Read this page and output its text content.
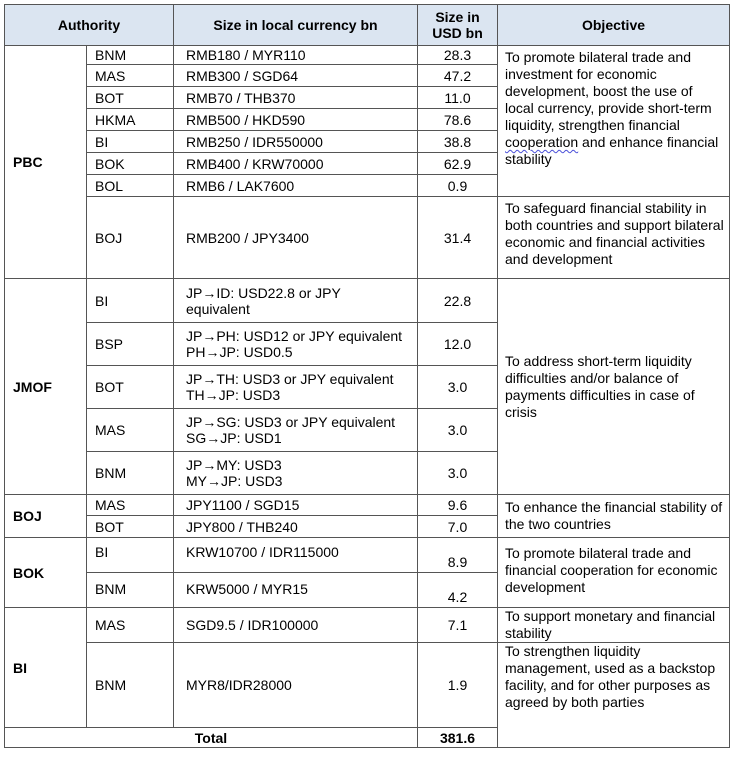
Authority		Size in local currency bn	Size in
USD bn	Objective
PBC	BNM	RMB180 / MYR110	28.3	To promote bilateral trade and investment for economic development, boost the use of local currency, provide short-term liquidity, strengthen financial cooperation and enhance financial stability
	MAS	RMB300 / SGD64	47.2	
	BOT	RMB70 / THB370	11.0	
	HKMA	RMB500 / HKD590	78.6	
	BI	RMB250 / IDR550000	38.8	
	BOK	RMB400 / KRW70000	62.9	
	BOL	RMB6 / LAK7600	0.9	
	BOJ	RMB200 / JPY3400	31.4	To safeguard financial stability in both countries and support bilateral economic and financial activities and development
JMOF	BI	JP→ID: USD22.8 or JPY
equivalent	22.8	To address short-term liquidity difficulties and/or balance of payments difficulties in case of crisis
	BSP	JP→PH: USD12 or JPY equivalent
PH→JP: USD0.5	12.0	
	BOT	JP→TH: USD3 or JPY equivalent
TH→JP: USD3	3.0	
	MAS	JP→SG: USD3 or JPY equivalent
SG→JP: USD1	3.0	
	BNM	JP→MY: USD3
MY→JP: USD3	3.0	
BOJ	MAS	JPY1100 / SGD15	9.6	To enhance the financial stability of the two countries
	BOT	JPY800 / THB240	7.0	
BOK	BI	KRW10700 / IDR115000	8.9	To promote bilateral trade and financial cooperation for economic development
	BNM	KRW5000 / MYR15	4.2	
BI	MAS	SGD9.5 / IDR100000	7.1	To support monetary and financial stability
	BNM	MYR8/IDR28000	1.9	To strengthen liquidity management, used as a backstop facility, and for other purposes as agreed by both parties
Total			381.6	
